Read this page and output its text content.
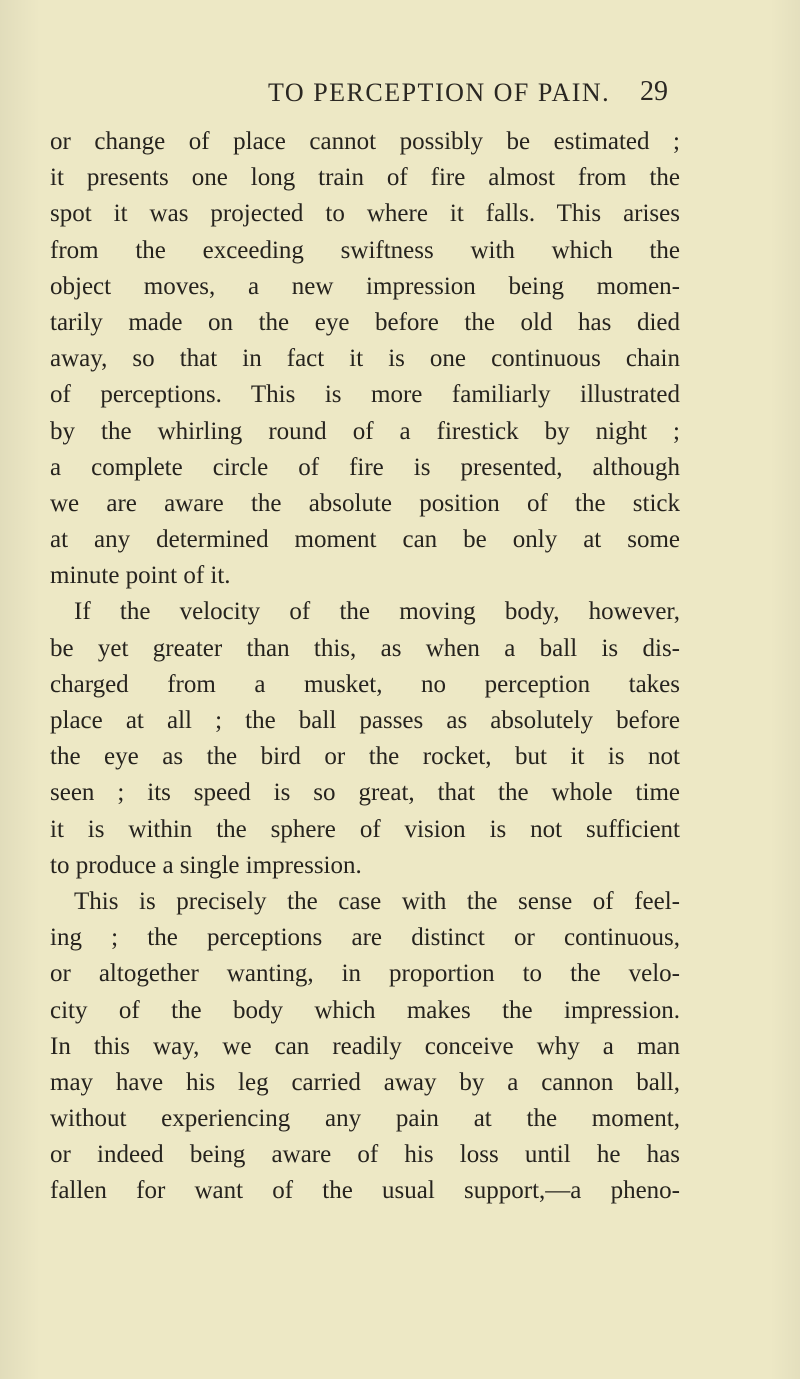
TO PERCEPTION OF PAIN. 29
or change of place cannot possibly be estimated ;
it presents one long train of fire almost from the
spot it was projected to where it falls. This arises
from the exceeding swiftness with which the
object moves, a new impression being momen-
tarily made on the eye before the old has died
away, so that in fact it is one continuous chain
of perceptions. This is more familiarly illustrated
by the whirling round of a firestick by night ;
a complete circle of fire is presented, although
we are aware the absolute position of the stick
at any determined moment can be only at some
minute point of it.
If the velocity of the moving body, however,
be yet greater than this, as when a ball is dis-
charged from a musket, no perception takes
place at all ; the ball passes as absolutely before
the eye as the bird or the rocket, but it is not
seen ; its speed is so great, that the whole time
it is within the sphere of vision is not sufficient
to produce a single impression.
This is precisely the case with the sense of feel-
ing ; the perceptions are distinct or continuous,
or altogether wanting, in proportion to the velo-
city of the body which makes the impression.
In this way, we can readily conceive why a man
may have his leg carried away by a cannon ball,
without experiencing any pain at the moment,
or indeed being aware of his loss until he has
fallen for want of the usual support,—a pheno-
